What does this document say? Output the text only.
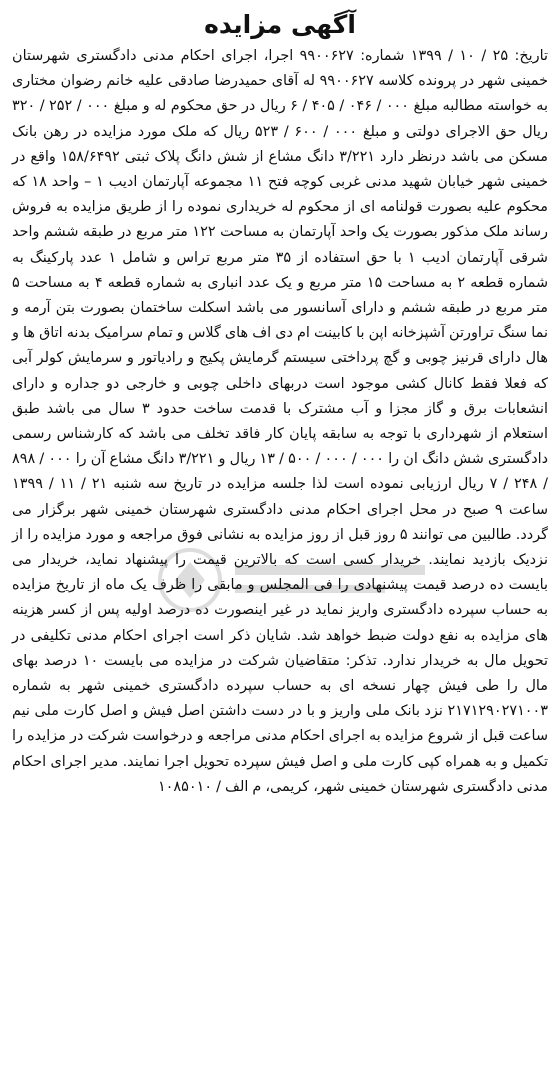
آگهی مزایده

تاریخ: ۲۵ / ۱۰ / ۱۳۹۹ شماره: ۹۹۰۰۶۲۷ اجرا، اجرای احکام مدنی دادگستری شهرستان خمینی شهر در پرونده کلاسه ۹۹۰۰۶۲۷ له آقای حمیدرضا صادقی علیه خانم رضوان مختاری به خواسته مطالبه مبلغ ۰۰۰ / ۰۴۶ / ۴۰۵ / ۶ ریال در حق محکوم له و مبلغ ۰۰۰ / ۲۵۲ / ۳۲۰ ریال حق الاجرای دولتی و مبلغ ۰۰۰ / ۶۰۰ / ۵۲۳ ریال که ملک مورد مزایده در رهن بانک مسکن می باشد درنظر دارد ۳/۲۲۱ دانگ مشاع از شش دانگ پلاک ثبتی ۱۵۸/۶۴۹۲ واقع در خمینی شهر خیابان شهید مدنی غربی کوچه فتح ۱۱ مجموعه آپارتمان ادیب ۱ – واحد ۱۸ که محکوم علیه بصورت قولنامه ای از محکوم له خریداری نموده را از طریق مزایده به فروش رساند ملک مذکور بصورت یک واحد آپارتمان به مساحت ۱۲۲ متر مربع در طبقه ششم واحد شرقی آپارتمان ادیب ۱ با حق استفاده از ۳۵ متر مربع تراس و شامل ۱ عدد پارکینگ به شماره قطعه ۲ به مساحت ۱۵ متر مربع و یک عدد انباری به شماره قطعه ۴ به مساحت ۵ متر مربع در طبقه ششم و دارای آسانسور می باشد اسکلت ساختمان بصورت بتن آرمه و نما سنگ تراورتن آشپزخانه اپن با کابینت ام دی اف های گلاس و تمام سرامیک بدنه اتاق ها و هال دارای قرنیز چوبی و گچ پرداختی سیستم گرمایش پکیج و رادیاتور و سرمایش کولر آبی که فعلا فقط کانال کشی موجود است دربهای داخلی چوبی و خارجی دو جداره و دارای انشعابات برق و گاز مجزا و آب مشترک با قدمت ساخت حدود ۳ سال می باشد طبق استعلام از شهرداری با توجه به سابقه پایان کار فاقد تخلف می باشد که کارشناس رسمی دادگستری شش دانگ ان را ۰۰۰ / ۰۰۰ / ۵۰۰ / ۱۳ ریال و ۳/۲۲۱ دانگ مشاع آن را ۰۰۰ / ۸۹۸ / ۲۴۸ / ۷ ریال ارزیابی نموده است لذا جلسه مزایده در تاریخ سه شنبه ۲۱ / ۱۱ / ۱۳۹۹ ساعت ۹ صبح در محل اجرای احکام مدنی دادگستری شهرستان خمینی شهر برگزار می گردد. طالبین می توانند ۵ روز قبل از روز مزایده به نشانی فوق مراجعه و مورد مزایده را از نزدیک بازدید نمایند. خریدار کسی است که بالاترین قیمت را پیشنهاد نماید، خریدار می بایست ده درصد قیمت پیشنهادی را فی المجلس و مابقی را ظرف یک ماه از تاریخ مزایده به حساب سپرده دادگستری واریز نماید در غیر اینصورت ده درصد اولیه پس از کسر هزینه های مزایده به نفع دولت ضبط خواهد شد. شایان ذکر است اجرای احکام مدنی تکلیفی در تحویل مال به خریدار ندارد. تذکر: متقاضیان شرکت در مزایده می بایست ۱۰ درصد بهای مال را طی فیش چهار نسخه ای به حساب سپرده دادگستری خمینی شهر به شماره ۲۱۷۱۲۹۰۲۷۱۰۰۳ نزد بانک ملی واریز و با در دست داشتن اصل فیش و اصل کارت ملی نیم ساعت قبل از شروع مزایده به اجرای احکام مدنی مراجعه و درخواست شرکت در مزایده را تکمیل و به همراه کپی کارت ملی و اصل فیش سپرده تحویل اجرا نمایند. مدیر اجرای احکام مدنی دادگستری شهرستان خمینی شهر، کریمی، م الف / ۱۰۸۵۰۱۰
